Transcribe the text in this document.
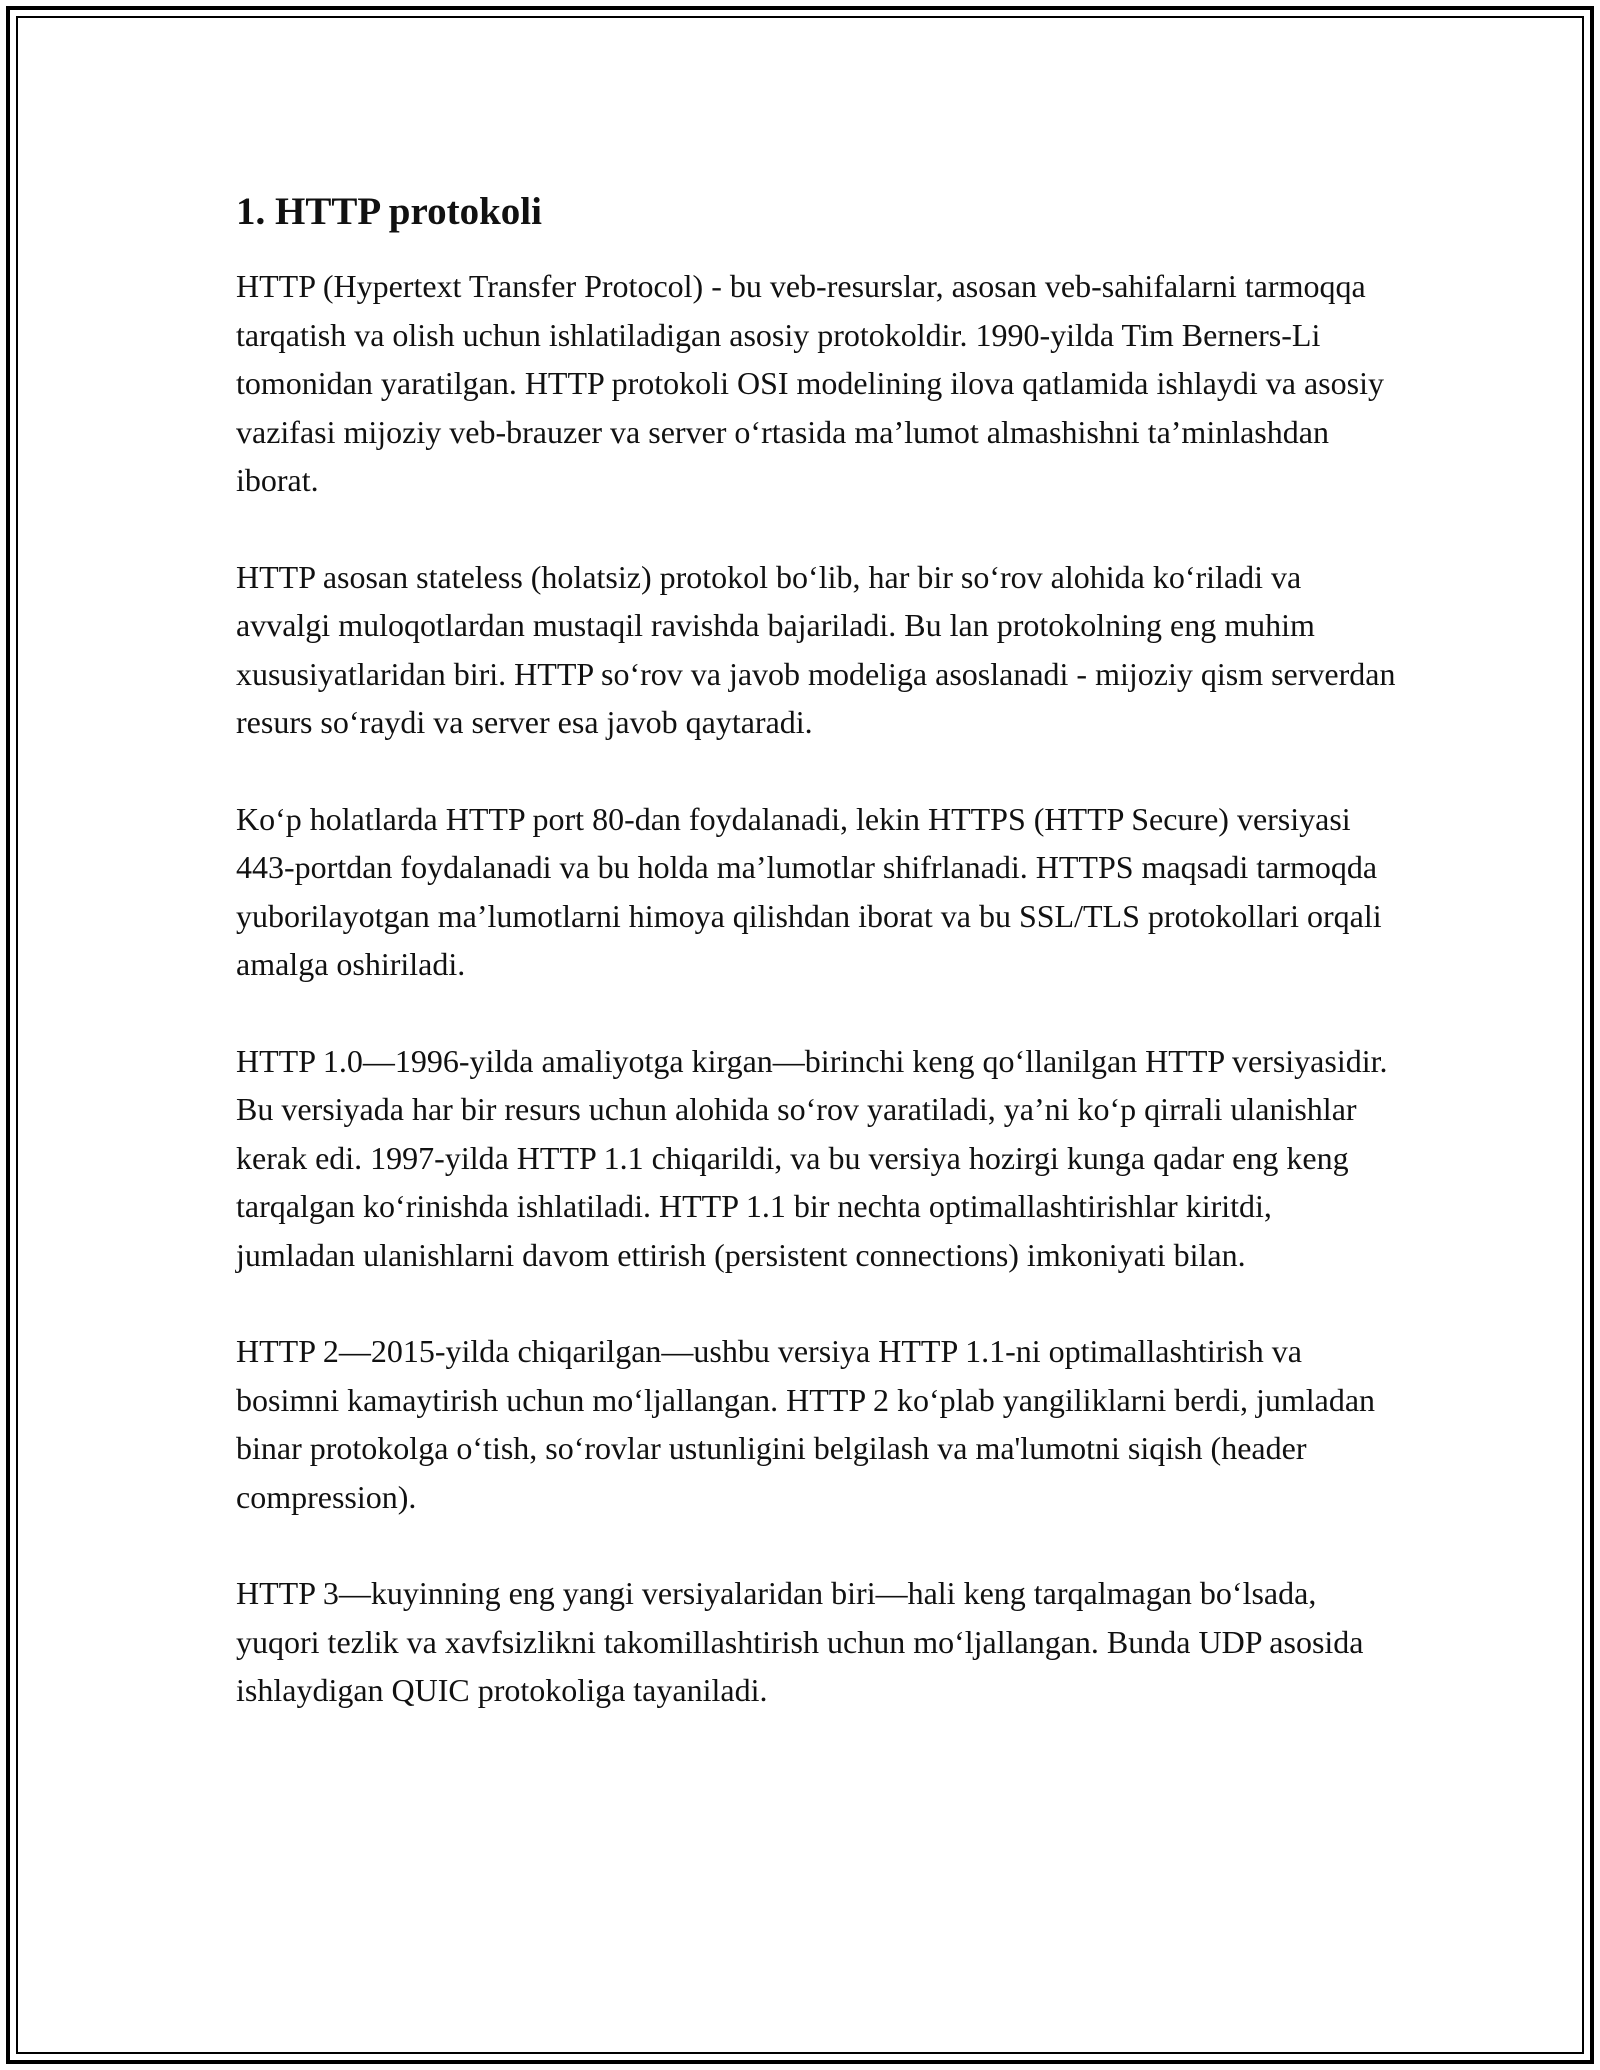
1. HTTP protokoli

HTTP (Hypertext Transfer Protocol) - bu veb-resurslar, asosan veb-sahifalarni tarmoqqa tarqatish va olish uchun ishlatiladigan asosiy protokoldir. 1990-yilda Tim Berners-Li tomonidan yaratilgan. HTTP protokoli OSI modelining ilova qatlamida ishlaydi va asosiy vazifasi mijoziy veb-brauzer va server o‘rtasida ma’lumot almashishni ta’minlashdan iborat.

HTTP asosan stateless (holatsiz) protokol bo‘lib, har bir so‘rov alohida ko‘riladi va avvalgi muloqotlardan mustaqil ravishda bajariladi. Bu lan protokolning eng muhim xususiyatlaridan biri. HTTP so‘rov va javob modeliga asoslanadi - mijoziy qism serverdan resurs so‘raydi va server esa javob qaytaradi.

Ko‘p holatlarda HTTP port 80-dan foydalanadi, lekin HTTPS (HTTP Secure) versiyasi 443-portdan foydalanadi va bu holda ma’lumotlar shifrlanadi. HTTPS maqsadi tarmoqda yuborilayotgan ma’lumotlarni himoya qilishdan iborat va bu SSL/TLS protokollari orqali amalga oshiriladi.

HTTP 1.0—1996-yilda amaliyotga kirgan—birinchi keng qo‘llanilgan HTTP versiyasidir. Bu versiyada har bir resurs uchun alohida so‘rov yaratiladi, ya’ni ko‘p qirrali ulanishlar kerak edi. 1997-yilda HTTP 1.1 chiqarildi, va bu versiya hozirgi kunga qadar eng keng tarqalgan ko‘rinishda ishlatiladi. HTTP 1.1 bir nechta optimallashtirishlar kiritdi, jumladan ulanishlarni davom ettirish (persistent connections) imkoniyati bilan.

HTTP 2—2015-yilda chiqarilgan—ushbu versiya HTTP 1.1-ni optimallashtirish va bosimni kamaytirish uchun mo‘ljallangan. HTTP 2 ko‘plab yangiliklarni berdi, jumladan binar protokolga o‘tish, so‘rovlar ustunligini belgilash va ma'lumotni siqish (header compression).

HTTP 3—kuyinning eng yangi versiyalaridan biri—hali keng tarqalmagan bo‘lsada, yuqori tezlik va xavfsizlikni takomillashtirish uchun mo‘ljallangan. Bunda UDP asosida ishlaydigan QUIC protokoliga tayaniladi.
